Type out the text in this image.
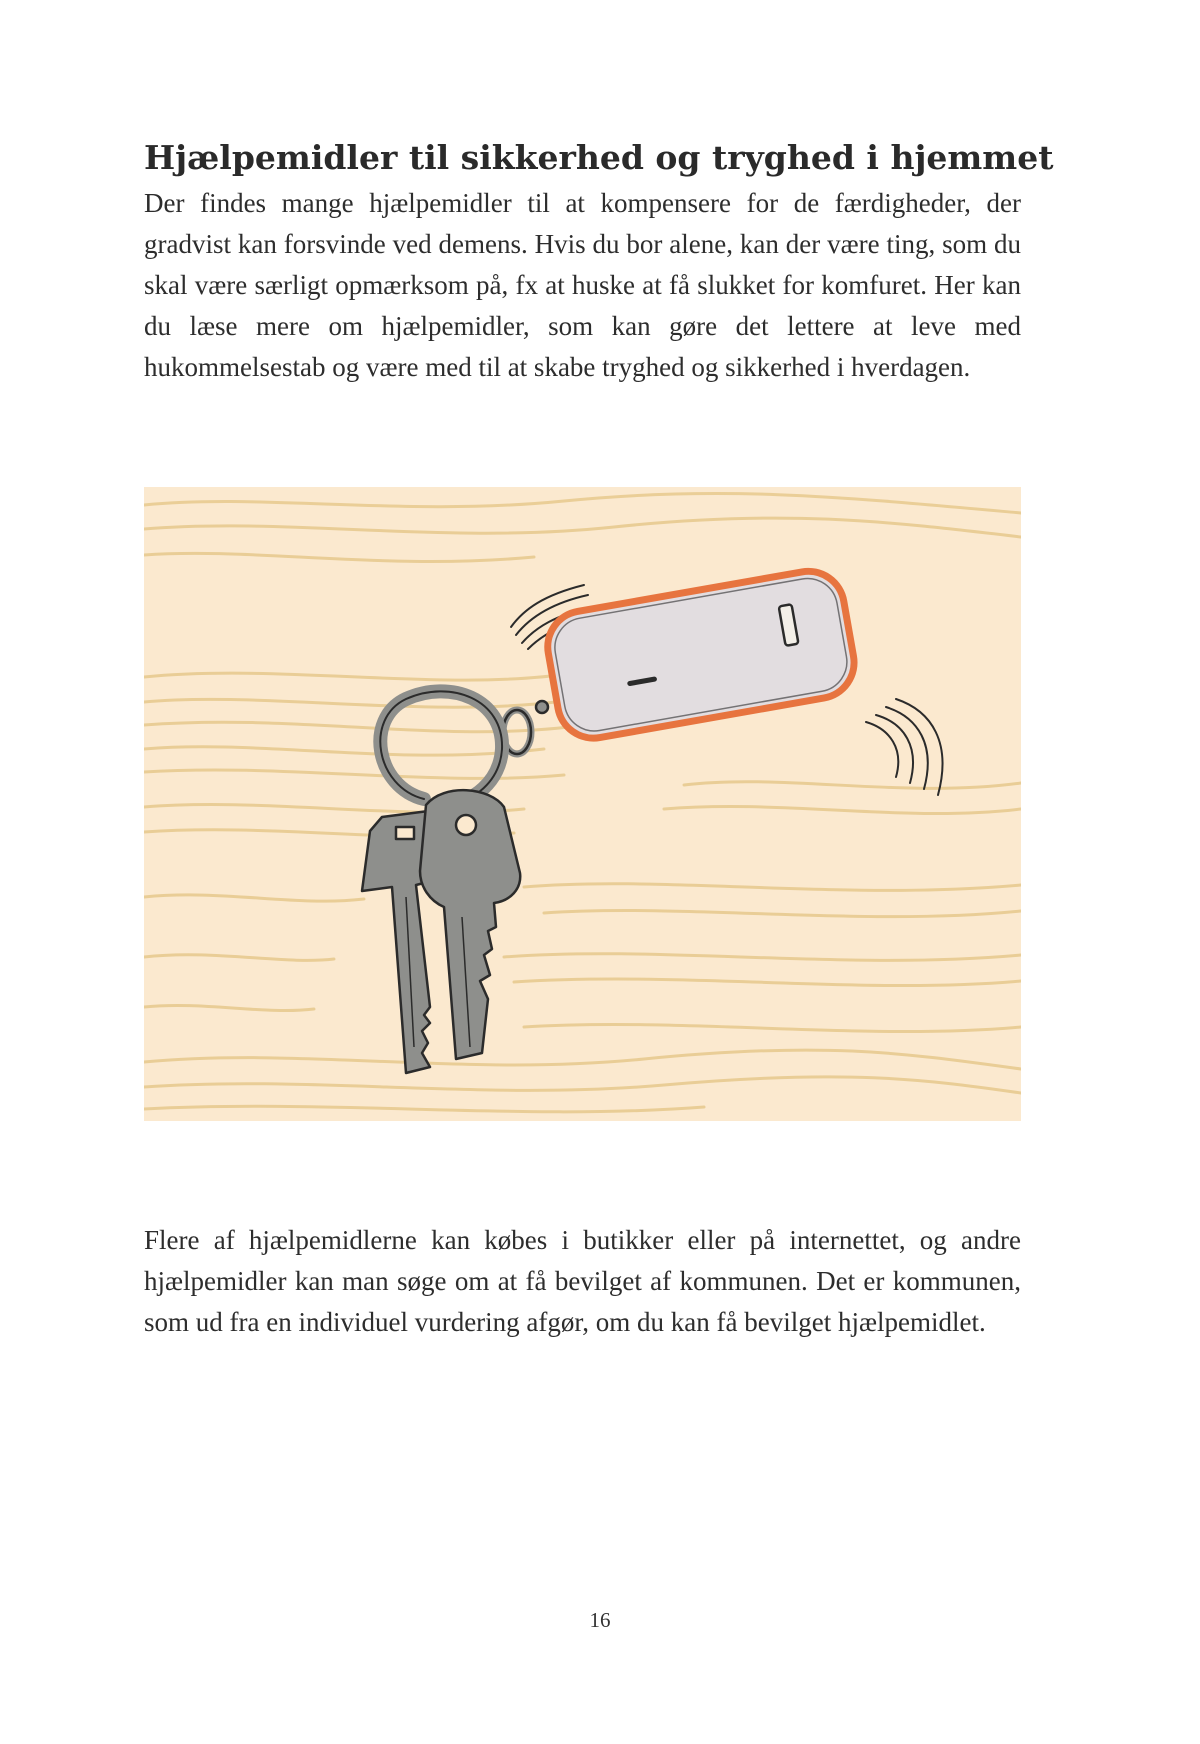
Hjælpemidler til sikkerhed og tryghed i hjemmet

Der findes mange hjælpemidler til at kompensere for de færdigheder, der gradvist kan forsvinde ved demens. Hvis du bor alene, kan der være ting, som du skal være særligt opmærksom på, fx at huske at få slukket for komfuret. Her kan du læse mere om hjælpemidler, som kan gøre det lettere at leve med hukommelsestab og være med til at skabe tryghed og sikkerhed i hverdagen.

Flere af hjælpemidlerne kan købes i butikker eller på internettet, og andre hjælpemidler kan man søge om at få bevilget af kommunen. Det er kommunen, som ud fra en individuel vurdering afgør, om du kan få bevilget hjælpemidlet.

16
